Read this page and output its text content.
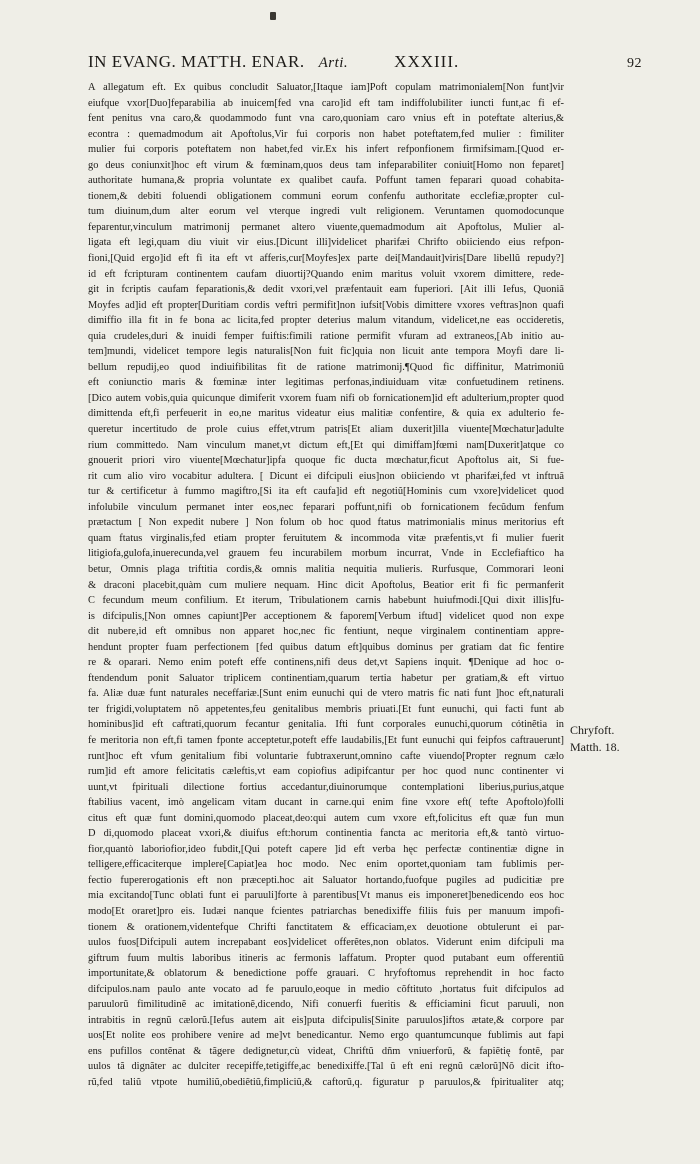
IN EVANG. MATTH. ENAR. Arti.	XXXIII.	92
A allegatum eft. Ex quibus concludit Saluator,[Itaque iam]Poft copulam matrimonialem[Non funt]vir
eiufque vxor[Duo]feparabilia ab inuicem[fed vna caro]id eft tam indiffolubiliter iuncti funt,ac fi ef-
fent penitus vna caro,& quodammodo funt vna caro,quoniam caro vnius eft in poteftate alterius,&
econtra : quemadmodum ait Apoftolus,Vir fui corporis non habet poteftatem,fed mulier : fimiliter
mulier fui corporis poteftatem non habet,fed vir.Ex his infert refponfionem firmifsimam.[Quod er-
go deus coniunxit]hoc eft virum & fœminam,quos deus tam infeparabiliter coniuit[Homo non feparet]
authoritate humana,& propria voluntate ex qualibet caufa. Poffunt tamen feparari quoad cohabita-
tionem,& debiti foluendi obligationem communi eorum confenfu authoritate ecclefiæ,propter cul-
tum diuinum,dum alter eorum vel vterque ingredi vult religionem. Veruntamen quomodocunque
feparentur,vinculum matrimonij permanet altero viuente,quemadmodum ait Apoftolus, Mulier al-
ligata eft legi,quam diu viuit vir eius.[Dicunt illi]videlicet pharifæi Chrifto obiiciendo eius refpon-
fioni,[Quid ergo]id eft fi ita eft vt afferis,cur[Moyfes]ex parte dei[Mandauit]viris[Dare libellũ repudy?]
id eft fcripturam continentem caufam diuortij?Quando enim maritus voluit vxorem dimittere, rede-
git in fcriptis caufam feparationis,& dedit vxori,vel præfentauit eam fuperiori. [Ait illi Iefus, Quoniã
Moyfes ad]id eft propter[Duritiam cordis veftri permifit]non iufsit[Vobis dimittere vxores veftras]non quafi
dimiffio illa fit in fe bona ac licita,fed propter deterius malum vitandum, videlicet,ne eas occideretis,
quia crudeles,duri & inuidi femper fuiftis:fimili ratione permifit vfuram ad extraneos,[Ab initio au-
tem]mundi, videlicet tempore legis naturalis[Non fuit fic]quia non licuit ante tempora Moyfi dare li-
bellum repudij,eo quod indiuifibilitas fit de ratione matrimonij.¶Quod fic diffinitur, Matrimoniũ
eft coniunctio maris & fœminæ inter legitimas perfonas,indiuiduam vitæ confuetudinem retinens.
[Dico autem vobis,quia quicunque dimiferit vxorem fuam nifi ob fornicationem]id eft adulterium,propter quod
dimittenda eft,fi perfeuerit in eo,ne maritus videatur eius malitiæ confentire, & quia ex adulterio fe-
queretur incertitudo de prole cuius effet,vtrum patris[Et aliam duxerit]illa viuente[Mœchatur]adulte
rium committedo. Nam vinculum manet,vt dictum eft,[Et qui dimiffam]fœmi nam[Duxerit]atque co
gnouerit priori viro viuente[Mœchatur]ipfa quoque fic ducta mœchatur,ficut Apoftolus ait, Si fue-
rit cum alio viro vocabitur adultera. [ Dicunt ei difcipuli eius]non obiiciendo vt pharifæi,fed vt inftruã
tur & certificetur à fummo magiftro,[Si ita eft caufa]id eft negotiũ[Hominis cum vxore]videlicet quod
infolubile vinculum permanet inter eos,nec feparari poffunt,nifi ob fornicationem fecũdum fenfum
prætactum [ Non expedit nubere ] Non folum ob hoc quod ftatus matrimonialis minus meritorius eft
quam ftatus virginalis,fed etiam propter feruitutem & incommoda vitæ præfentis,vt fi mulier fuerit
litigiofa,gulofa,inuerecunda,vel grauem feu incurabilem morbum incurrat, Vnde in Ecclefiaftico ha
betur, Omnis plaga triftitia cordis,& omnis malitia nequitia mulieris. Rurfusque, Commorari leoni
& draconi placebit,quàm cum muliere nequam. Hinc dicit Apoftolus, Beatior erit fi fic permanferit
C fecundum meum confilium. Et iterum, Tribulationem carnis habebunt huiufmodi.[Qui dixit illis]fu-
is difcipulis,[Non omnes capiunt]Per acceptionem & faporem[Verbum iftud] videlicet quod non expe
dit nubere,id eft omnibus non apparet hoc,nec fic fentiunt, neque virginalem continentiam appre-
hendunt propter fuam perfectionem [fed quibus datum eft]quibus dominus per gratiam dat fic fentire
re & oparari. Nemo enim poteft effe continens,nifi deus det,vt Sapiens inquit. ¶Denique ad hoc o-
ftendendum ponit Saluator triplicem continentiam,quarum tertia habetur per gratiam,& eft virtuo
fa. Aliæ duæ funt naturales neceffariæ.[Sunt enim eunuchi qui de vtero matris fic nati funt ]hoc eft,naturali
ter frigidi,voluptatem nõ appetentes,feu genitalibus membris priuati.[Et funt eunuchi, qui facti funt ab
hominibus]id eft caftrati,quorum fecantur genitalia. Ifti funt corporales eunuchi,quorum cótinẽtia in
fe meritoria non eft,fi tamen fponte acceptetur,poteft effe laudabilis,[Et funt eunuchi qui feipfos caftrauerunt]
runt]hoc eft vfum genitalium fibi voluntarie fubtraxerunt,omnino cafte viuendo[Propter regnum cælo
rum]id eft amore felicitatis cæleftis,vt eam copiofius adipifcantur per hoc quod nunc continenter vi
uunt,vt fpirituali dilectione fortius accedantur,diuinorumque contemplationi liberius,purius,atque
ftabilius vacent, imò angelicam vitam ducant in carne.qui enim fine vxore eft( tefte Apoftolo)folli
citus eft quæ funt domini,quomodo placeat,deo:qui autem cum vxore eft,folicitus eft quæ fun mun
D di,quomodo placeat vxori,& diuifus eft:horum continentia fancta ac meritoria eft,& tantò virtuo-
fior,quantò laboriofior,ideo fubdit,[Qui poteft capere ]id eft verba hęc perfectæ continentiæ digne in
telligere,efficaciterque implere[Capiat]ea hoc modo. Nec enim oportet,quoniam tam fublimis per-
fectio fupererogationis eft non præcepti.hoc ait Saluator hortando,fuofque pugiles ad pudicitiæ pre
mia excitando[Tunc oblati funt ei paruuli]forte à parentibus[Vt manus eis imponeret]benedicendo eos hoc
modo[Et oraret]pro eis. Iudæi nanque fcientes patriarchas benedixiffe filiis fuis per manuum impofi-
tionem & orationem,videntefque Chrifti fanctitatem & efficaciam,ex deuotione obtulerunt ei par-
uulos fuos[Difcipuli autem increpabant eos]videlicet offerẽtes,non oblatos. Viderunt enim difcipuli ma
giftrum fuum multis laboribus itineris ac fermonis laffatum. Propter quod putabant eum offerentiũ
importunitate,& oblatorum & benedictione poffe grauari. C hryfoftomus reprehendit in hoc facto
difcipulos.nam paulo ante vocato ad fe paruulo,eoque in medio cõftituto ,hortatus fuit difcipulos ad
paruulorũ fimilitudinẽ ac imitationẽ,dicendo, Nifi conuerfi fueritis & efficiamini ficut paruuli, non
intrabitis in regnũ cælorũ.[Iefus autem ait eis]puta difcipulis[Sinite paruulos]iftos ætate,& corpore par
uos[Et nolite eos prohibere venire ad me]vt benedicantur. Nemo ergo quantumcunque fublimis aut fapi
ens pufillos contẽnat & tãgere dedignetur,cù videat, Chriftũ dñm vniuerforũ, & fapiẽtię fontẽ, par
uulos tã dignãter ac dulciter recepiffe,tetigiffe,ac benedixiffe.[Tal ũ eft eni regnũ cælorũ]Nõ dicit ifto-
rũ,fed taliũ vtpote humiliũ,obediẽtiũ,fimpliciũ,& caftorũ,q. figuratur p paruulos,& fpiritualiter atq;
Chryfoft.
Matth. 18.
